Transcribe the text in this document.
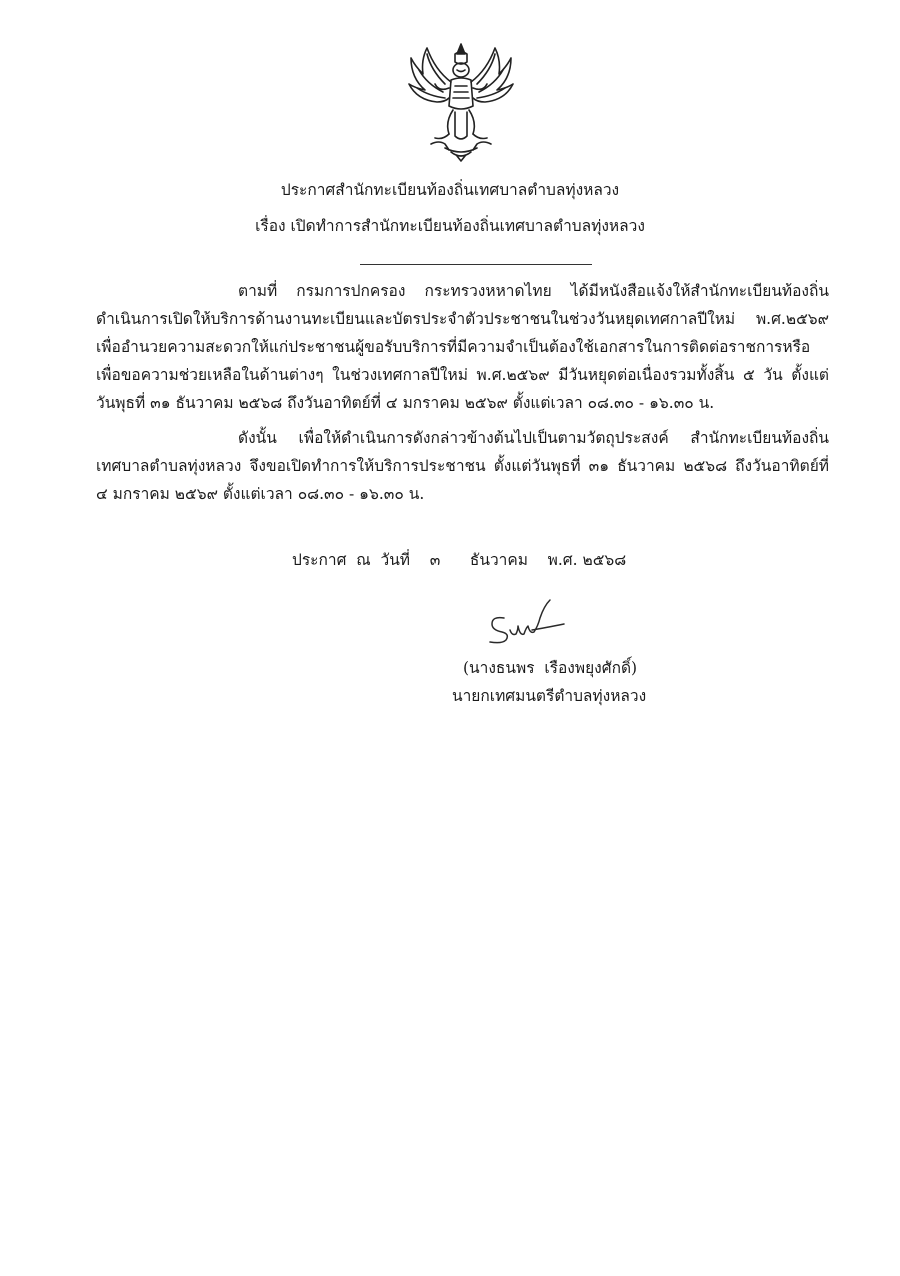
ประกาศสำนักทะเบียนท้องถิ่นเทศบาลตำบลทุ่งหลวง
เรื่อง เปิดทำการสำนักทะเบียนท้องถิ่นเทศบาลตำบลทุ่งหลวง
ตามที่ กรมการปกครอง กระทรวงหหาดไทย ได้มีหนังสือแจ้งให้สำนักทะเบียนท้องถิ่น
ดำเนินการเปิดให้บริการด้านงานทะเบียนและบัตรประจำตัวประชาชนในช่วงวันหยุดเทศกาลปีใหม่ พ.ศ.๒๕๖๙
เพื่ออำนวยความสะดวกให้แก่ประชาชนผู้ขอรับบริการที่มีความจำเป็นต้องใช้เอกสารในการติดต่อราชการหรือ
เพื่อขอความช่วยเหลือในด้านต่างๆ ในช่วงเทศกาลปีใหม่ พ.ศ.๒๕๖๙ มีวันหยุดต่อเนื่องรวมทั้งสิ้น ๕ วัน ตั้งแต่
วันพุธที่ ๓๑ ธันวาคม ๒๕๖๘ ถึงวันอาทิตย์ที่ ๔ มกราคม ๒๕๖๙ ตั้งแต่เวลา ๐๘.๓๐ - ๑๖.๓๐ น.
ดังนั้น เพื่อให้ดำเนินการดังกล่าวข้างต้นไปเป็นตามวัตถุประสงค์ สำนักทะเบียนท้องถิ่น
เทศบาลตำบลทุ่งหลวง จึงขอเปิดทำการให้บริการประชาชน ตั้งแต่วันพุธที่ ๓๑ ธันวาคม ๒๕๖๘ ถึงวันอาทิตย์ที่
๔ มกราคม ๒๕๖๙ ตั้งแต่เวลา ๐๘.๓๐ - ๑๖.๓๐ น.
ประกาศ  ณ  วันที่    ๓      ธันวาคม    พ.ศ. ๒๕๖๘
(นางธนพร  เรืองพยุงศักดิ์)
นายกเทศมนตรีตำบลทุ่งหลวง
